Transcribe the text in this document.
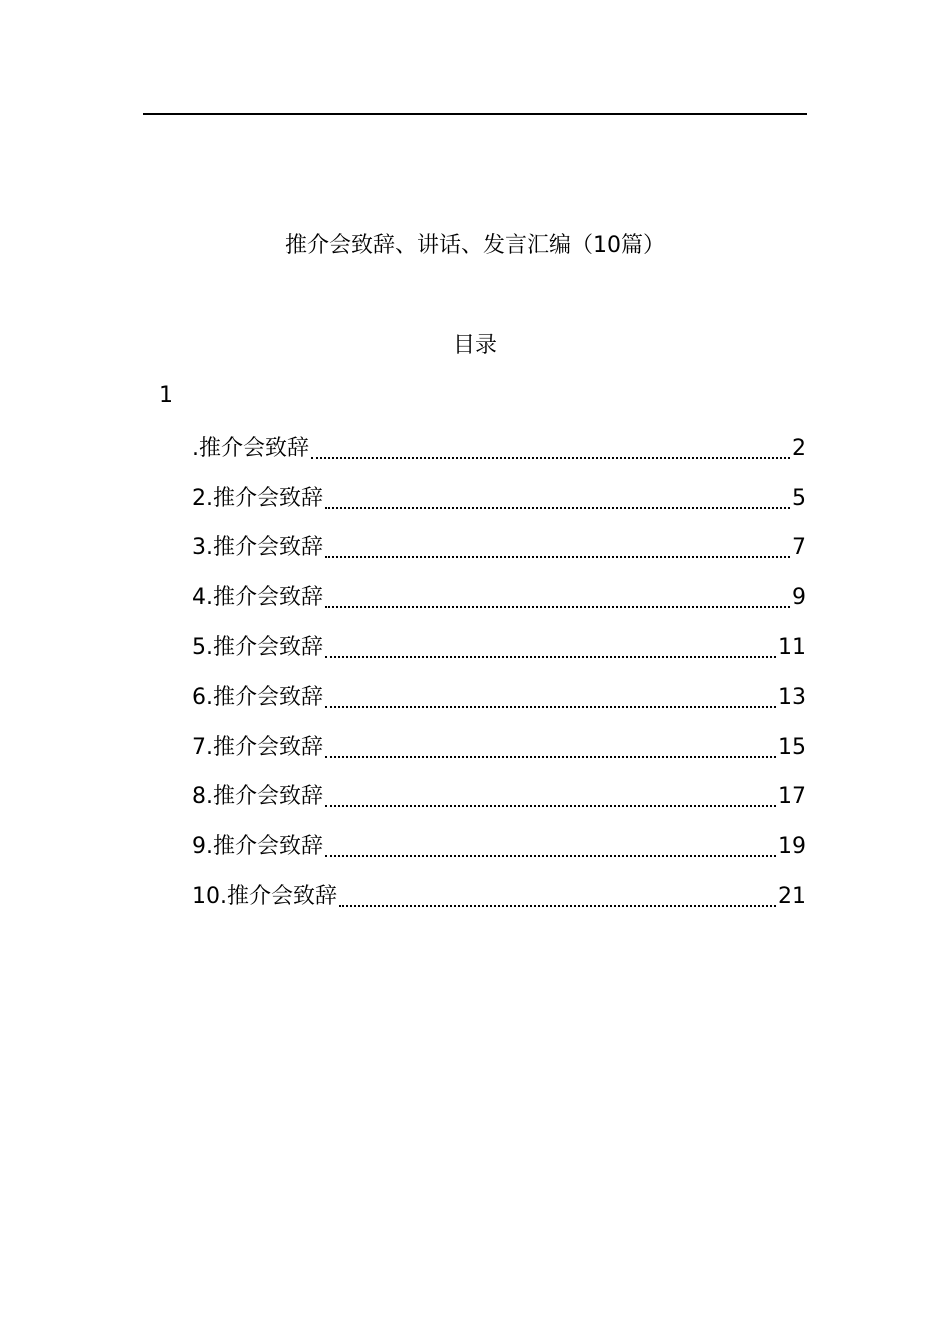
推介会致辞、讲话、发言汇编（10篇）
目录
1
.推介会致辞	2
2.推介会致辞	5
3.推介会致辞	7
4.推介会致辞	9
5.推介会致辞	11
6.推介会致辞	13
7.推介会致辞	15
8.推介会致辞	17
9.推介会致辞	19
10.推介会致辞	21
